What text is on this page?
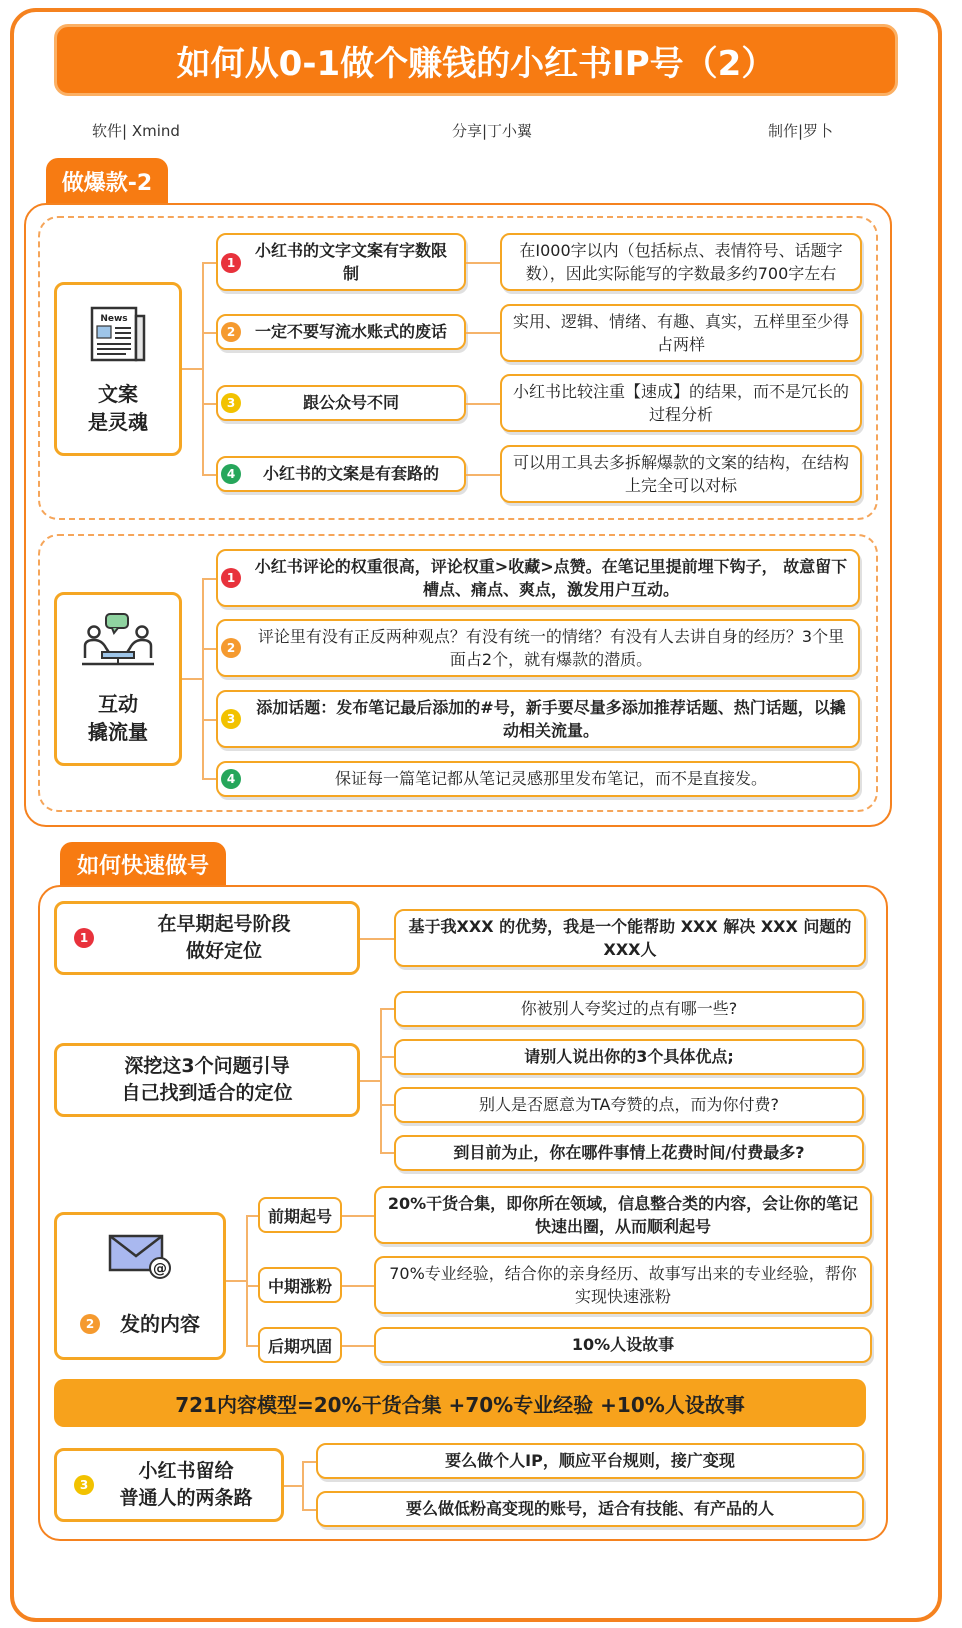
如何从0-1做个赚钱的小红书IP号（2）
软件| Xmind	分享|丁小翼	制作|罗卜
做爆款-2
News
文案
是灵魂
小红书的文字文案有字数限制
1
在I000字以内（包括标点、表情符号、话题字数），因此实际能写的字数最多约700字左右
一定不要写流水账式的废话
2
实用、逻辑、情绪、有趣、真实，五样里至少得占两样
跟公众号不同
3
小红书比较注重【速成】的结果，而不是冗长的过程分析
小红书的文案是有套路的
4
可以用工具去多拆解爆款的文案的结构，在结构上完全可以对标
互动
撬流量
小红书评论的权重很高，评论权重>收藏>点赞。在笔记里提前埋下钩子， 故意留下槽点、痛点、爽点，激发用户互动。
1
评论里有没有正反两种观点？有没有统一的情绪？有没有人去讲自身的经历？3个里面占2个，就有爆款的潜质。
2
添加话题：发布笔记最后添加的#号，新手要尽量多添加推荐话题、热门话题，以撬动相关流量。
3
保证每一篇笔记都从笔记灵感那里发布笔记，而不是直接发。
4
如何快速做号
在早期起号阶段
做好定位
1
基于我XXX 的优势，我是一个能帮助 XXX 解决 XXX 问题的 XXX人
深挖这3个问题引导
自己找到适合的定位
你被别人夸奖过的点有哪一些?
请别人说出你的3个具体优点;
别人是否愿意为TA夸赞的点，而为你付费?
到目前为止，你在哪件事情上花费时间/付费最多?
@
2 发的内容
前期起号
20%干货合集，即你所在领域，信息整合类的内容，会让你的笔记快速出圈，从而顺利起号
中期涨粉
70%专业经验，结合你的亲身经历、故事写出来的专业经验，帮你实现快速涨粉
后期巩固	10%人设故事
721内容模型=20%干货合集 +70%专业经验 +10%人设故事
小红书留给
普通人的两条路
3
要么做个人IP，顺应平台规则，接广变现
要么做低粉高变现的账号，适合有技能、有产品的人
